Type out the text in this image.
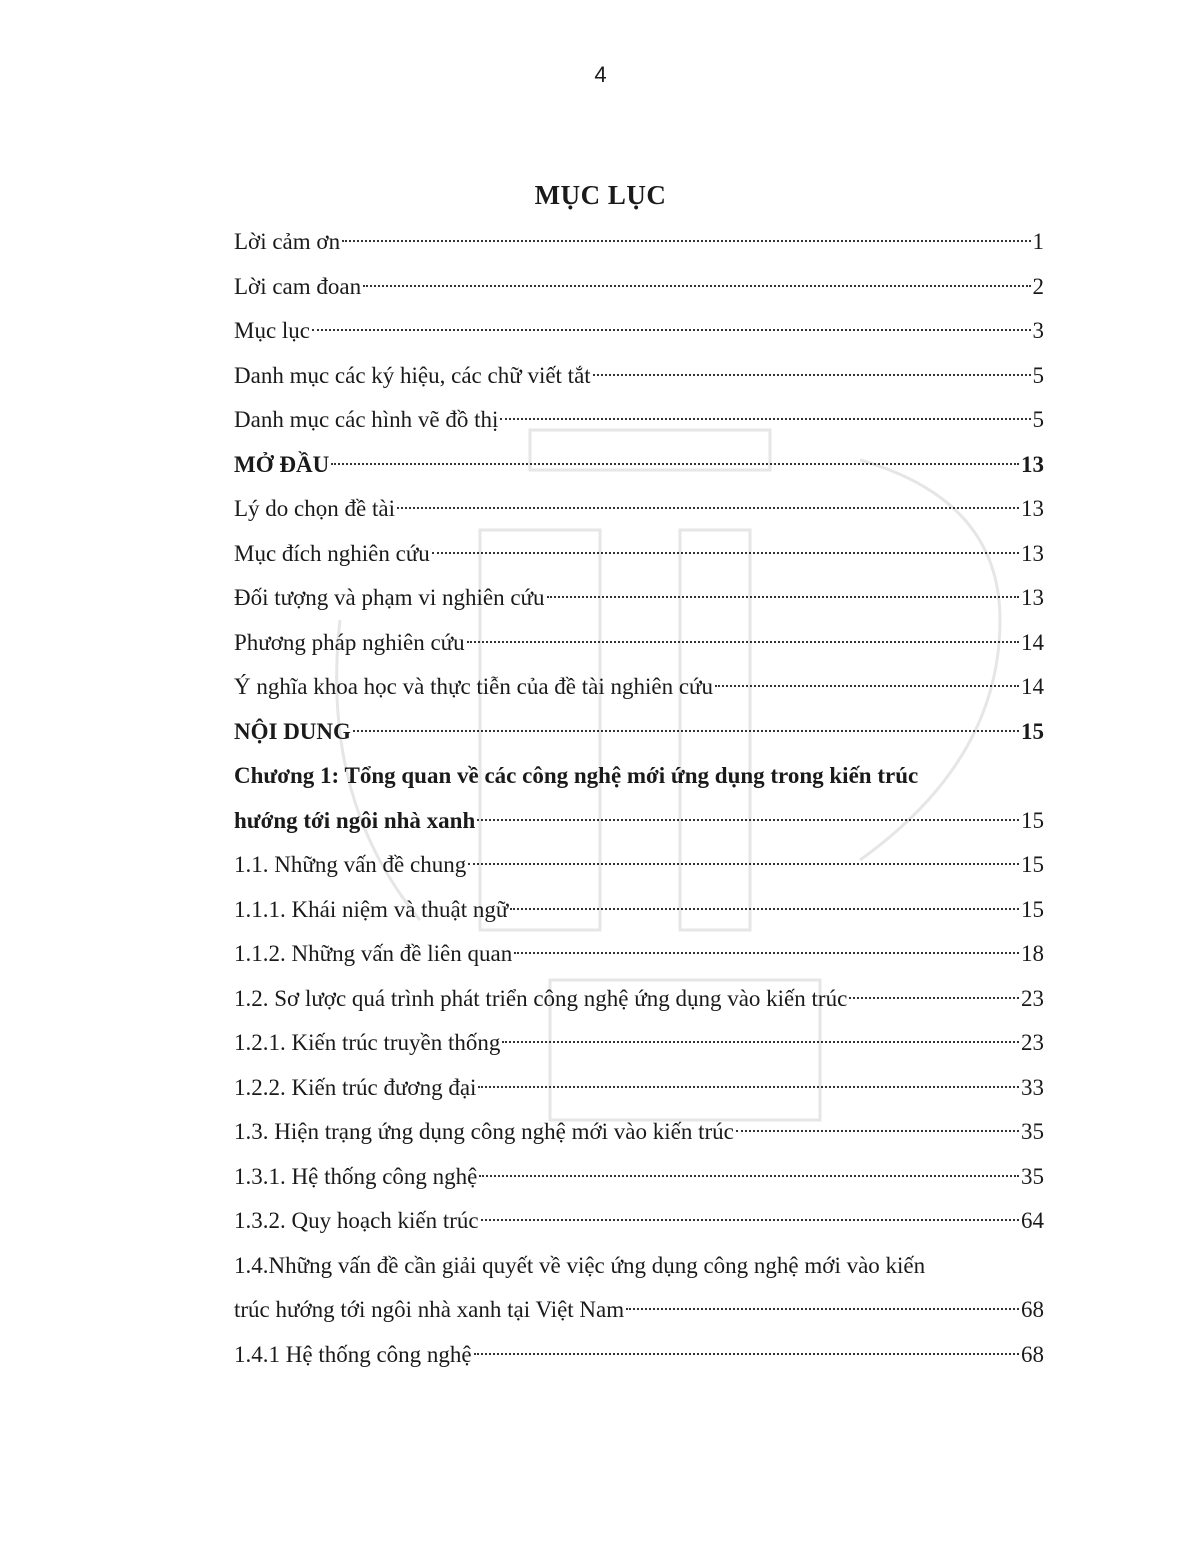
4
MỤC LỤC
Lời cảm ơn	1
Lời cam đoan	2
Mục lục	3
Danh mục các ký hiệu, các chữ viết tắt	5
Danh mục các hình vẽ đồ thị	5
MỞ ĐẦU	13
Lý do chọn đề tài	13
Mục đích nghiên cứu	13
Đối tượng và phạm vi nghiên cứu	13
Phương pháp nghiên cứu	14
Ý nghĩa khoa học và thực tiễn của đề tài nghiên cứu	14
NỘI DUNG	15
Chương 1: Tổng quan về các công nghệ mới ứng dụng trong kiến trúc
hướng tới ngôi nhà xanh	15
1.1. Những vấn đề chung	15
1.1.1. Khái niệm và thuật ngữ	15
1.1.2. Những vấn đề liên quan	18
1.2. Sơ lược quá trình phát triển công nghệ ứng dụng vào kiến trúc	23
1.2.1. Kiến trúc truyền thống	23
1.2.2. Kiến trúc đương đại	33
1.3. Hiện trạng ứng dụng công nghệ mới vào kiến trúc	35
1.3.1. Hệ thống công nghệ	35
1.3.2. Quy hoạch kiến trúc	64
1.4.Những vấn đề cần giải quyết về việc ứng dụng công nghệ mới vào kiến
trúc hướng tới ngôi nhà xanh tại Việt Nam	68
1.4.1 Hệ thống công nghệ	68
